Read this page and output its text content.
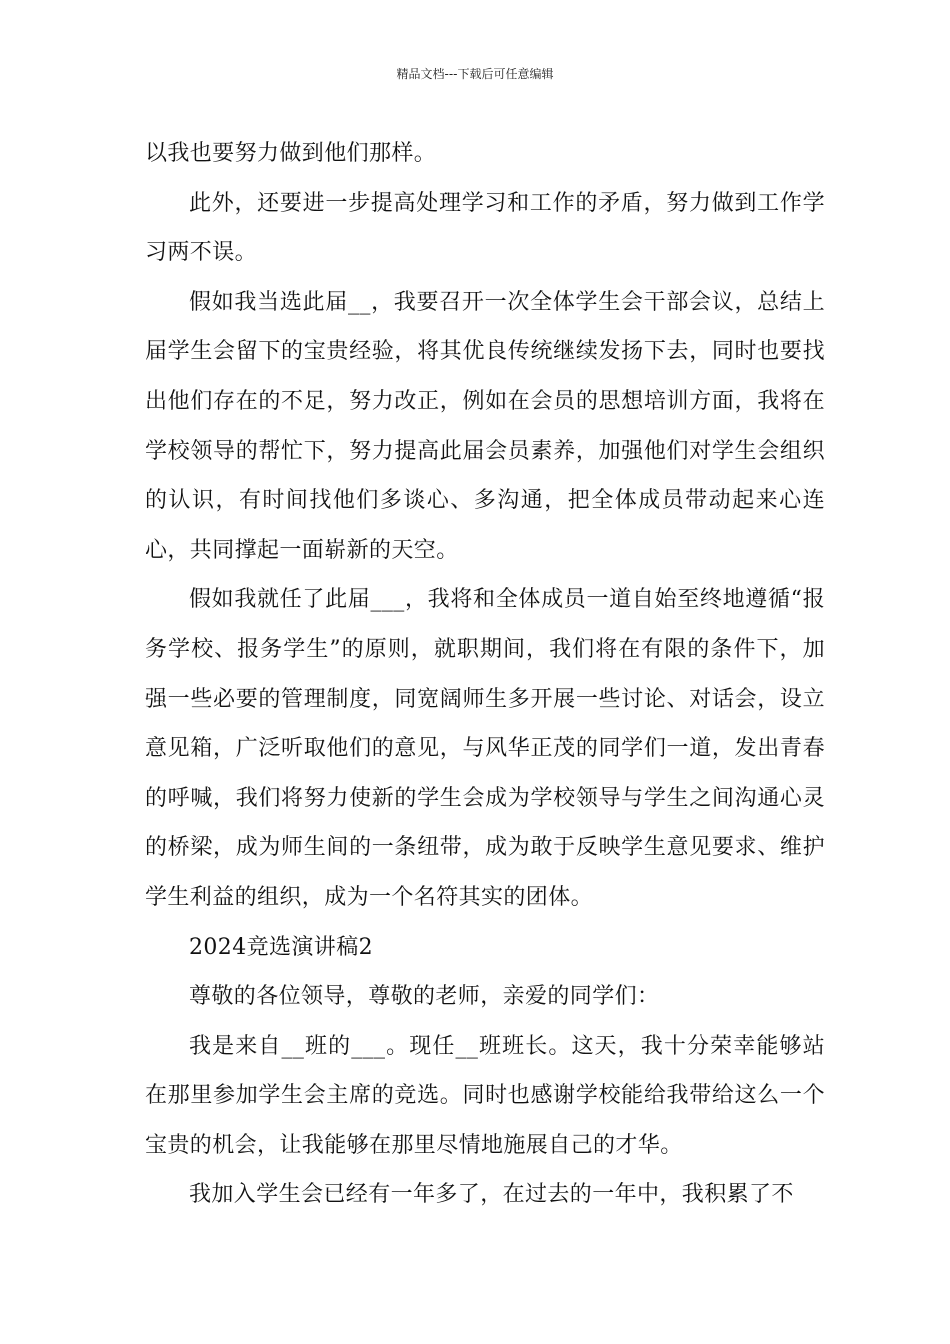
精品文档---下载后可任意编辑

以我也要努力做到他们那样。

此外，还要进一步提高处理学习和工作的矛盾，努力做到工作学习两不误。

假如我当选此届__，我要召开一次全体学生会干部会议，总结上届学生会留下的宝贵经验，将其优良传统继续发扬下去，同时也要找出他们存在的不足，努力改正，例如在会员的思想培训方面，我将在学校领导的帮忙下，努力提高此届会员素养，加强他们对学生会组织的认识，有时间找他们多谈心、多沟通，把全体成员带动起来心连心，共同撑起一面崭新的天空。

假如我就任了此届___，我将和全体成员一道自始至终地遵循“报务学校、报务学生”的原则，就职期间，我们将在有限的条件下，加强一些必要的管理制度，同宽阔师生多开展一些讨论、对话会，设立意见箱，广泛听取他们的意见，与风华正茂的同学们一道，发出青春的呼喊，我们将努力使新的学生会成为学校领导与学生之间沟通心灵的桥梁，成为师生间的一条纽带，成为敢于反映学生意见要求、维护学生利益的组织，成为一个名符其实的团体。

2024竞选演讲稿2

尊敬的各位领导，尊敬的老师，亲爱的同学们：

我是来自__班的___。现任__班班长。这天，我十分荣幸能够站在那里参加学生会主席的竞选。同时也感谢学校能给我带给这么一个宝贵的机会，让我能够在那里尽情地施展自己的才华。

我加入学生会已经有一年多了，在过去的一年中，我积累了不
